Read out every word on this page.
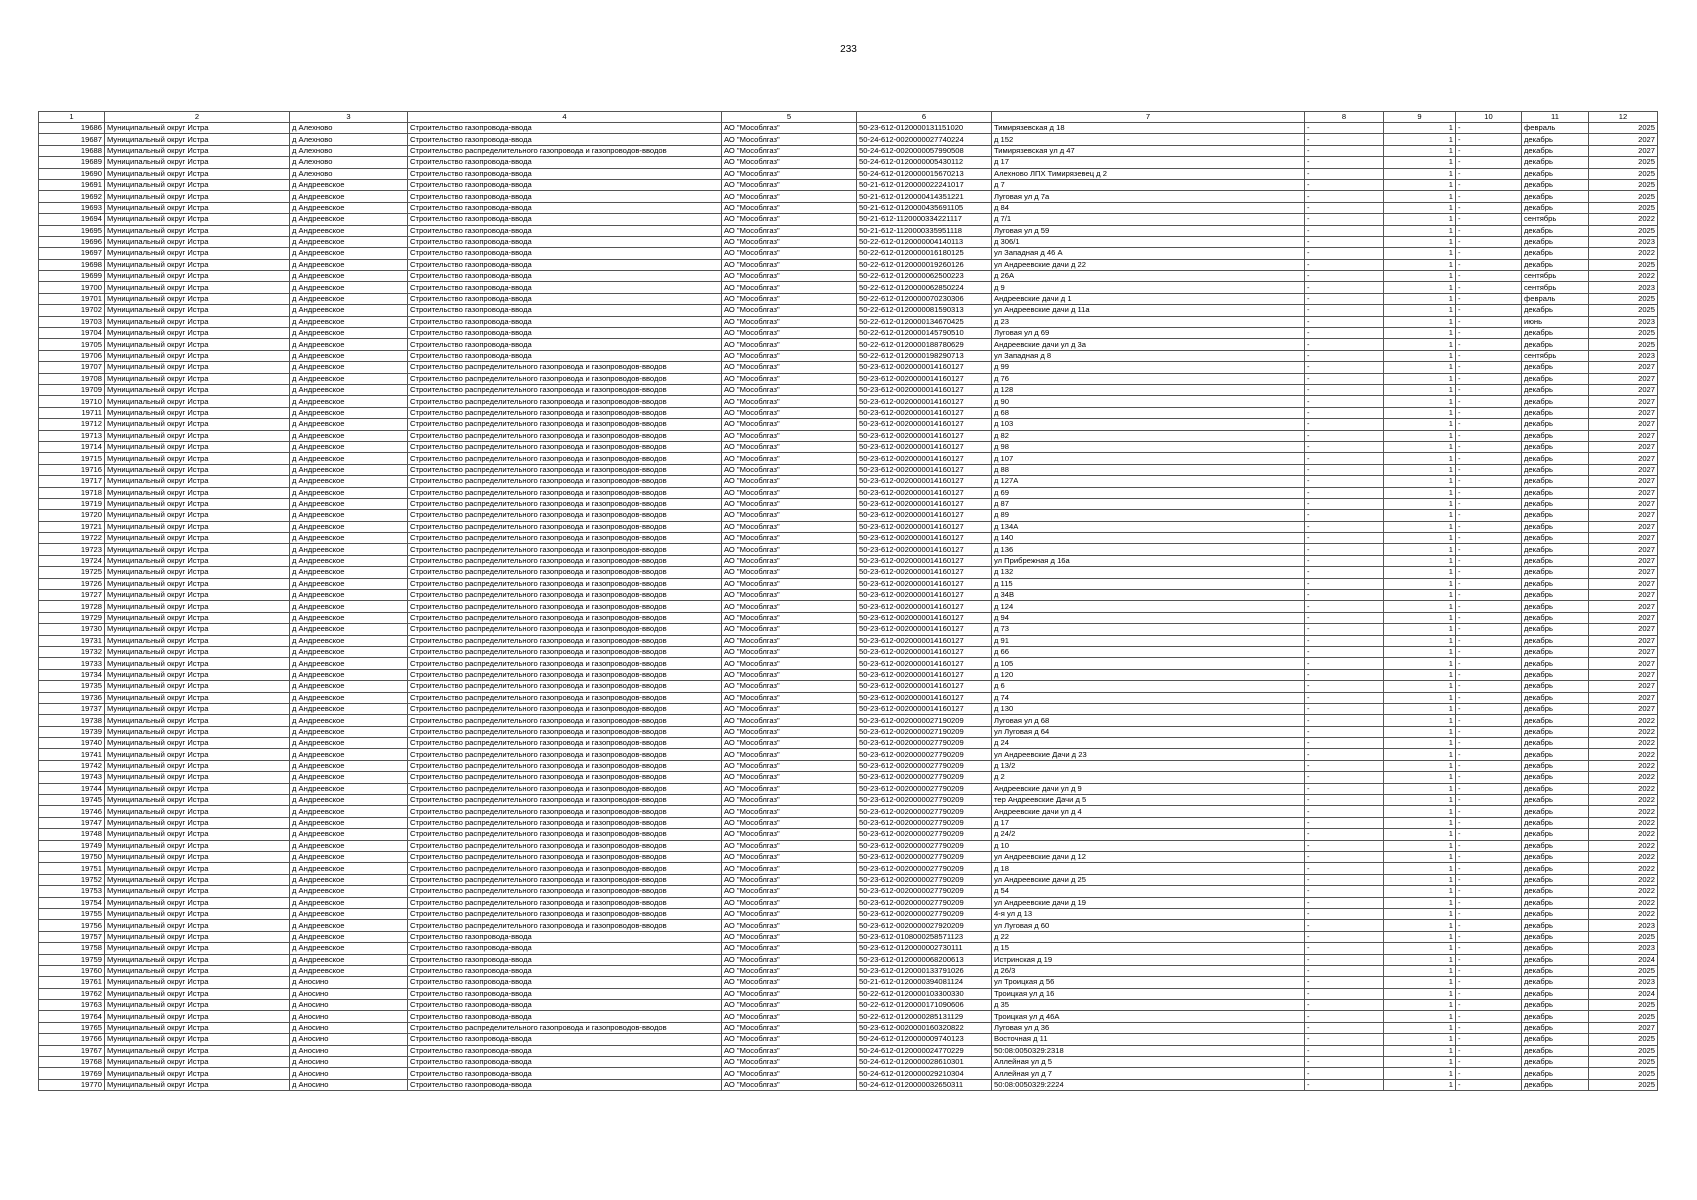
233
1	2	3	4	5	6	7	8	9	10	11	12
19686	Муниципальный округ Истра	д Алехново	Строительство газопровода-ввода	АО "Мособлгаз"	50-23-612-0120000131151020	Тимирязевская д 18	-	1	-	февраль	2025
19687	Муниципальный округ Истра	д Алехново	Строительство газопровода-ввода	АО "Мособлгаз"	50-24-612-0020000027740224	д 152	-	1	-	декабрь	2027
19688	Муниципальный округ Истра	д Алехново	Строительство распределительного газопровода и газопроводов-вводов	АО "Мособлгаз"	50-24-612-0020000057990508	Тимирязевская ул д 47	-	1	-	декабрь	2027
19689	Муниципальный округ Истра	д Алехново	Строительство газопровода-ввода	АО "Мособлгаз"	50-24-612-0120000005430112	д 17	-	1	-	декабрь	2025
19690	Муниципальный округ Истра	д Алехново	Строительство газопровода-ввода	АО "Мособлгаз"	50-24-612-0120000015670213	Алехново ЛПХ Тимирязевец д 2	-	1	-	декабрь	2025
19691	Муниципальный округ Истра	д Андреевское	Строительство газопровода-ввода	АО "Мособлгаз"	50-21-612-0120000022241017	д 7	-	1	-	декабрь	2025
19692	Муниципальный округ Истра	д Андреевское	Строительство газопровода-ввода	АО "Мособлгаз"	50-21-612-0120000414351221	Луговая ул д 7а	-	1	-	декабрь	2025
19693	Муниципальный округ Истра	д Андреевское	Строительство газопровода-ввода	АО "Мособлгаз"	50-21-612-0120000435691105	д 84	-	1	-	декабрь	2025
19694	Муниципальный округ Истра	д Андреевское	Строительство газопровода-ввода	АО "Мособлгаз"	50-21-612-1120000334221117	д 7/1	-	1	-	сентябрь	2022
19695	Муниципальный округ Истра	д Андреевское	Строительство газопровода-ввода	АО "Мособлгаз"	50-21-612-1120000335951118	Луговая ул д 59	-	1	-	декабрь	2025
19696	Муниципальный округ Истра	д Андреевское	Строительство газопровода-ввода	АО "Мособлгаз"	50-22-612-0120000004140113	д 306/1	-	1	-	декабрь	2023
19697	Муниципальный округ Истра	д Андреевское	Строительство газопровода-ввода	АО "Мособлгаз"	50-22-612-0120000016180125	ул Западная д 46 А	-	1	-	декабрь	2022
19698	Муниципальный округ Истра	д Андреевское	Строительство газопровода-ввода	АО "Мособлгаз"	50-22-612-0120000019260126	ул Андреевские дачи д 22	-	1	-	декабрь	2025
19699	Муниципальный округ Истра	д Андреевское	Строительство газопровода-ввода	АО "Мособлгаз"	50-22-612-0120000062500223	д 26А	-	1	-	сентябрь	2022
19700	Муниципальный округ Истра	д Андреевское	Строительство газопровода-ввода	АО "Мособлгаз"	50-22-612-0120000062850224	д 9	-	1	-	сентябрь	2023
19701	Муниципальный округ Истра	д Андреевское	Строительство газопровода-ввода	АО "Мособлгаз"	50-22-612-0120000070230306	Андреевские дачи д 1	-	1	-	февраль	2025
19702	Муниципальный округ Истра	д Андреевское	Строительство газопровода-ввода	АО "Мособлгаз"	50-22-612-0120000081590313	ул Андреевские дачи д 11а	-	1	-	декабрь	2025
19703	Муниципальный округ Истра	д Андреевское	Строительство газопровода-ввода	АО "Мособлгаз"	50-22-612-0120000134670425	д 23	-	1	-	июнь	2023
19704	Муниципальный округ Истра	д Андреевское	Строительство газопровода-ввода	АО "Мособлгаз"	50-22-612-0120000145790510	Луговая ул д 69	-	1	-	декабрь	2025
19705	Муниципальный округ Истра	д Андреевское	Строительство газопровода-ввода	АО "Мособлгаз"	50-22-612-0120000188780629	Андреевские дачи ул д 3а	-	1	-	декабрь	2025
19706	Муниципальный округ Истра	д Андреевское	Строительство газопровода-ввода	АО "Мособлгаз"	50-22-612-0120000198290713	ул Западная д 8	-	1	-	сентябрь	2023
19707	Муниципальный округ Истра	д Андреевское	Строительство распределительного газопровода и газопроводов-вводов	АО "Мособлгаз"	50-23-612-0020000014160127	д 99	-	1	-	декабрь	2027
19708	Муниципальный округ Истра	д Андреевское	Строительство распределительного газопровода и газопроводов-вводов	АО "Мособлгаз"	50-23-612-0020000014160127	д 76	-	1	-	декабрь	2027
19709	Муниципальный округ Истра	д Андреевское	Строительство распределительного газопровода и газопроводов-вводов	АО "Мособлгаз"	50-23-612-0020000014160127	д 128	-	1	-	декабрь	2027
19710	Муниципальный округ Истра	д Андреевское	Строительство распределительного газопровода и газопроводов-вводов	АО "Мособлгаз"	50-23-612-0020000014160127	д 90	-	1	-	декабрь	2027
19711	Муниципальный округ Истра	д Андреевское	Строительство распределительного газопровода и газопроводов-вводов	АО "Мособлгаз"	50-23-612-0020000014160127	д 68	-	1	-	декабрь	2027
19712	Муниципальный округ Истра	д Андреевское	Строительство распределительного газопровода и газопроводов-вводов	АО "Мособлгаз"	50-23-612-0020000014160127	д 103	-	1	-	декабрь	2027
19713	Муниципальный округ Истра	д Андреевское	Строительство распределительного газопровода и газопроводов-вводов	АО "Мособлгаз"	50-23-612-0020000014160127	д 82	-	1	-	декабрь	2027
19714	Муниципальный округ Истра	д Андреевское	Строительство распределительного газопровода и газопроводов-вводов	АО "Мособлгаз"	50-23-612-0020000014160127	д 98	-	1	-	декабрь	2027
19715	Муниципальный округ Истра	д Андреевское	Строительство распределительного газопровода и газопроводов-вводов	АО "Мособлгаз"	50-23-612-0020000014160127	д 107	-	1	-	декабрь	2027
19716	Муниципальный округ Истра	д Андреевское	Строительство распределительного газопровода и газопроводов-вводов	АО "Мособлгаз"	50-23-612-0020000014160127	д 88	-	1	-	декабрь	2027
19717	Муниципальный округ Истра	д Андреевское	Строительство распределительного газопровода и газопроводов-вводов	АО "Мособлгаз"	50-23-612-0020000014160127	д 127А	-	1	-	декабрь	2027
19718	Муниципальный округ Истра	д Андреевское	Строительство распределительного газопровода и газопроводов-вводов	АО "Мособлгаз"	50-23-612-0020000014160127	д 69	-	1	-	декабрь	2027
19719	Муниципальный округ Истра	д Андреевское	Строительство распределительного газопровода и газопроводов-вводов	АО "Мособлгаз"	50-23-612-0020000014160127	д 87	-	1	-	декабрь	2027
19720	Муниципальный округ Истра	д Андреевское	Строительство распределительного газопровода и газопроводов-вводов	АО "Мособлгаз"	50-23-612-0020000014160127	д 89	-	1	-	декабрь	2027
19721	Муниципальный округ Истра	д Андреевское	Строительство распределительного газопровода и газопроводов-вводов	АО "Мособлгаз"	50-23-612-0020000014160127	д 134А	-	1	-	декабрь	2027
19722	Муниципальный округ Истра	д Андреевское	Строительство распределительного газопровода и газопроводов-вводов	АО "Мособлгаз"	50-23-612-0020000014160127	д 140	-	1	-	декабрь	2027
19723	Муниципальный округ Истра	д Андреевское	Строительство распределительного газопровода и газопроводов-вводов	АО "Мособлгаз"	50-23-612-0020000014160127	д 136	-	1	-	декабрь	2027
19724	Муниципальный округ Истра	д Андреевское	Строительство распределительного газопровода и газопроводов-вводов	АО "Мособлгаз"	50-23-612-0020000014160127	ул Прибрежная д 16а	-	1	-	декабрь	2027
19725	Муниципальный округ Истра	д Андреевское	Строительство распределительного газопровода и газопроводов-вводов	АО "Мособлгаз"	50-23-612-0020000014160127	д 132	-	1	-	декабрь	2027
19726	Муниципальный округ Истра	д Андреевское	Строительство распределительного газопровода и газопроводов-вводов	АО "Мособлгаз"	50-23-612-0020000014160127	д 115	-	1	-	декабрь	2027
19727	Муниципальный округ Истра	д Андреевское	Строительство распределительного газопровода и газопроводов-вводов	АО "Мособлгаз"	50-23-612-0020000014160127	д 34В	-	1	-	декабрь	2027
19728	Муниципальный округ Истра	д Андреевское	Строительство распределительного газопровода и газопроводов-вводов	АО "Мособлгаз"	50-23-612-0020000014160127	д 124	-	1	-	декабрь	2027
19729	Муниципальный округ Истра	д Андреевское	Строительство распределительного газопровода и газопроводов-вводов	АО "Мособлгаз"	50-23-612-0020000014160127	д 94	-	1	-	декабрь	2027
19730	Муниципальный округ Истра	д Андреевское	Строительство распределительного газопровода и газопроводов-вводов	АО "Мособлгаз"	50-23-612-0020000014160127	д 73	-	1	-	декабрь	2027
19731	Муниципальный округ Истра	д Андреевское	Строительство распределительного газопровода и газопроводов-вводов	АО "Мособлгаз"	50-23-612-0020000014160127	д 91	-	1	-	декабрь	2027
19732	Муниципальный округ Истра	д Андреевское	Строительство распределительного газопровода и газопроводов-вводов	АО "Мособлгаз"	50-23-612-0020000014160127	д 66	-	1	-	декабрь	2027
19733	Муниципальный округ Истра	д Андреевское	Строительство распределительного газопровода и газопроводов-вводов	АО "Мособлгаз"	50-23-612-0020000014160127	д 105	-	1	-	декабрь	2027
19734	Муниципальный округ Истра	д Андреевское	Строительство распределительного газопровода и газопроводов-вводов	АО "Мособлгаз"	50-23-612-0020000014160127	д 120	-	1	-	декабрь	2027
19735	Муниципальный округ Истра	д Андреевское	Строительство распределительного газопровода и газопроводов-вводов	АО "Мособлгаз"	50-23-612-0020000014160127	д 6	-	1	-	декабрь	2027
19736	Муниципальный округ Истра	д Андреевское	Строительство распределительного газопровода и газопроводов-вводов	АО "Мособлгаз"	50-23-612-0020000014160127	д 74	-	1	-	декабрь	2027
19737	Муниципальный округ Истра	д Андреевское	Строительство распределительного газопровода и газопроводов-вводов	АО "Мособлгаз"	50-23-612-0020000014160127	д 130	-	1	-	декабрь	2027
19738	Муниципальный округ Истра	д Андреевское	Строительство распределительного газопровода и газопроводов-вводов	АО "Мособлгаз"	50-23-612-0020000027190209	Луговая ул д 68	-	1	-	декабрь	2022
19739	Муниципальный округ Истра	д Андреевское	Строительство распределительного газопровода и газопроводов-вводов	АО "Мособлгаз"	50-23-612-0020000027190209	ул Луговая д 64	-	1	-	декабрь	2022
19740	Муниципальный округ Истра	д Андреевское	Строительство распределительного газопровода и газопроводов-вводов	АО "Мособлгаз"	50-23-612-0020000027790209	д 24	-	1	-	декабрь	2022
19741	Муниципальный округ Истра	д Андреевское	Строительство распределительного газопровода и газопроводов-вводов	АО "Мособлгаз"	50-23-612-0020000027790209	ул Андреевские Дачи д 23	-	1	-	декабрь	2022
19742	Муниципальный округ Истра	д Андреевское	Строительство распределительного газопровода и газопроводов-вводов	АО "Мособлгаз"	50-23-612-0020000027790209	д 13/2	-	1	-	декабрь	2022
19743	Муниципальный округ Истра	д Андреевское	Строительство распределительного газопровода и газопроводов-вводов	АО "Мособлгаз"	50-23-612-0020000027790209	д 2	-	1	-	декабрь	2022
19744	Муниципальный округ Истра	д Андреевское	Строительство распределительного газопровода и газопроводов-вводов	АО "Мособлгаз"	50-23-612-0020000027790209	Андреевские дачи ул д 9	-	1	-	декабрь	2022
19745	Муниципальный округ Истра	д Андреевское	Строительство распределительного газопровода и газопроводов-вводов	АО "Мособлгаз"	50-23-612-0020000027790209	тер Андреевские Дачи д 5	-	1	-	декабрь	2022
19746	Муниципальный округ Истра	д Андреевское	Строительство распределительного газопровода и газопроводов-вводов	АО "Мособлгаз"	50-23-612-0020000027790209	Андреевские дачи ул д 4	-	1	-	декабрь	2022
19747	Муниципальный округ Истра	д Андреевское	Строительство распределительного газопровода и газопроводов-вводов	АО "Мособлгаз"	50-23-612-0020000027790209	д 17	-	1	-	декабрь	2022
19748	Муниципальный округ Истра	д Андреевское	Строительство распределительного газопровода и газопроводов-вводов	АО "Мособлгаз"	50-23-612-0020000027790209	д 24/2	-	1	-	декабрь	2022
19749	Муниципальный округ Истра	д Андреевское	Строительство распределительного газопровода и газопроводов-вводов	АО "Мособлгаз"	50-23-612-0020000027790209	д 10	-	1	-	декабрь	2022
19750	Муниципальный округ Истра	д Андреевское	Строительство распределительного газопровода и газопроводов-вводов	АО "Мособлгаз"	50-23-612-0020000027790209	ул Андреевские дачи д 12	-	1	-	декабрь	2022
19751	Муниципальный округ Истра	д Андреевское	Строительство распределительного газопровода и газопроводов-вводов	АО "Мособлгаз"	50-23-612-0020000027790209	д 18	-	1	-	декабрь	2022
19752	Муниципальный округ Истра	д Андреевское	Строительство распределительного газопровода и газопроводов-вводов	АО "Мособлгаз"	50-23-612-0020000027790209	ул Андреевские дачи д 25	-	1	-	декабрь	2022
19753	Муниципальный округ Истра	д Андреевское	Строительство распределительного газопровода и газопроводов-вводов	АО "Мособлгаз"	50-23-612-0020000027790209	д 54	-	1	-	декабрь	2022
19754	Муниципальный округ Истра	д Андреевское	Строительство распределительного газопровода и газопроводов-вводов	АО "Мособлгаз"	50-23-612-0020000027790209	ул Андреевские дачи д 19	-	1	-	декабрь	2022
19755	Муниципальный округ Истра	д Андреевское	Строительство распределительного газопровода и газопроводов-вводов	АО "Мособлгаз"	50-23-612-0020000027790209	4-я ул д 13	-	1	-	декабрь	2022
19756	Муниципальный округ Истра	д Андреевское	Строительство распределительного газопровода и газопроводов-вводов	АО "Мособлгаз"	50-23-612-0020000027920209	ул Луговая д 60	-	1	-	декабрь	2023
19757	Муниципальный округ Истра	д Андреевское	Строительство газопровода-ввода	АО "Мособлгаз"	50-23-612-0108000258571123	д 22	-	1	-	декабрь	2025
19758	Муниципальный округ Истра	д Андреевское	Строительство газопровода-ввода	АО "Мособлгаз"	50-23-612-0120000002730111	д 15	-	1	-	декабрь	2023
19759	Муниципальный округ Истра	д Андреевское	Строительство газопровода-ввода	АО "Мособлгаз"	50-23-612-0120000068200613	Истринская д 19	-	1	-	декабрь	2024
19760	Муниципальный округ Истра	д Андреевское	Строительство газопровода-ввода	АО "Мособлгаз"	50-23-612-0120000133791026	д 26/3	-	1	-	декабрь	2025
19761	Муниципальный округ Истра	д Аносино	Строительство газопровода-ввода	АО "Мособлгаз"	50-21-612-0120000394081124	ул Троицкая д 56	-	1	-	декабрь	2023
19762	Муниципальный округ Истра	д Аносино	Строительство газопровода-ввода	АО "Мособлгаз"	50-22-612-0120000103300330	Троицкая ул д 16	-	1	-	декабрь	2024
19763	Муниципальный округ Истра	д Аносино	Строительство газопровода-ввода	АО "Мособлгаз"	50-22-612-0120000171090606	д 35	-	1	-	декабрь	2025
19764	Муниципальный округ Истра	д Аносино	Строительство газопровода-ввода	АО "Мособлгаз"	50-22-612-0120000285131129	Троицкая ул д 46А	-	1	-	декабрь	2025
19765	Муниципальный округ Истра	д Аносино	Строительство распределительного газопровода и газопроводов-вводов	АО "Мособлгаз"	50-23-612-0020000160320822	Луговая ул д 36	-	1	-	декабрь	2027
19766	Муниципальный округ Истра	д Аносино	Строительство газопровода-ввода	АО "Мособлгаз"	50-24-612-0120000009740123	Восточная д 11	-	1	-	декабрь	2025
19767	Муниципальный округ Истра	д Аносино	Строительство газопровода-ввода	АО "Мособлгаз"	50-24-612-0120000024770229	50:08:0050329:2318	-	1	-	декабрь	2025
19768	Муниципальный округ Истра	д Аносино	Строительство газопровода-ввода	АО "Мособлгаз"	50-24-612-0120000028610301	Аллейная ул д 5	-	1	-	декабрь	2025
19769	Муниципальный округ Истра	д Аносино	Строительство газопровода-ввода	АО "Мособлгаз"	50-24-612-0120000029210304	Аллейная ул д 7	-	1	-	декабрь	2025
19770	Муниципальный округ Истра	д Аносино	Строительство газопровода-ввода	АО "Мособлгаз"	50-24-612-0120000032650311	50:08:0050329:2224	-	1	-	декабрь	2025
